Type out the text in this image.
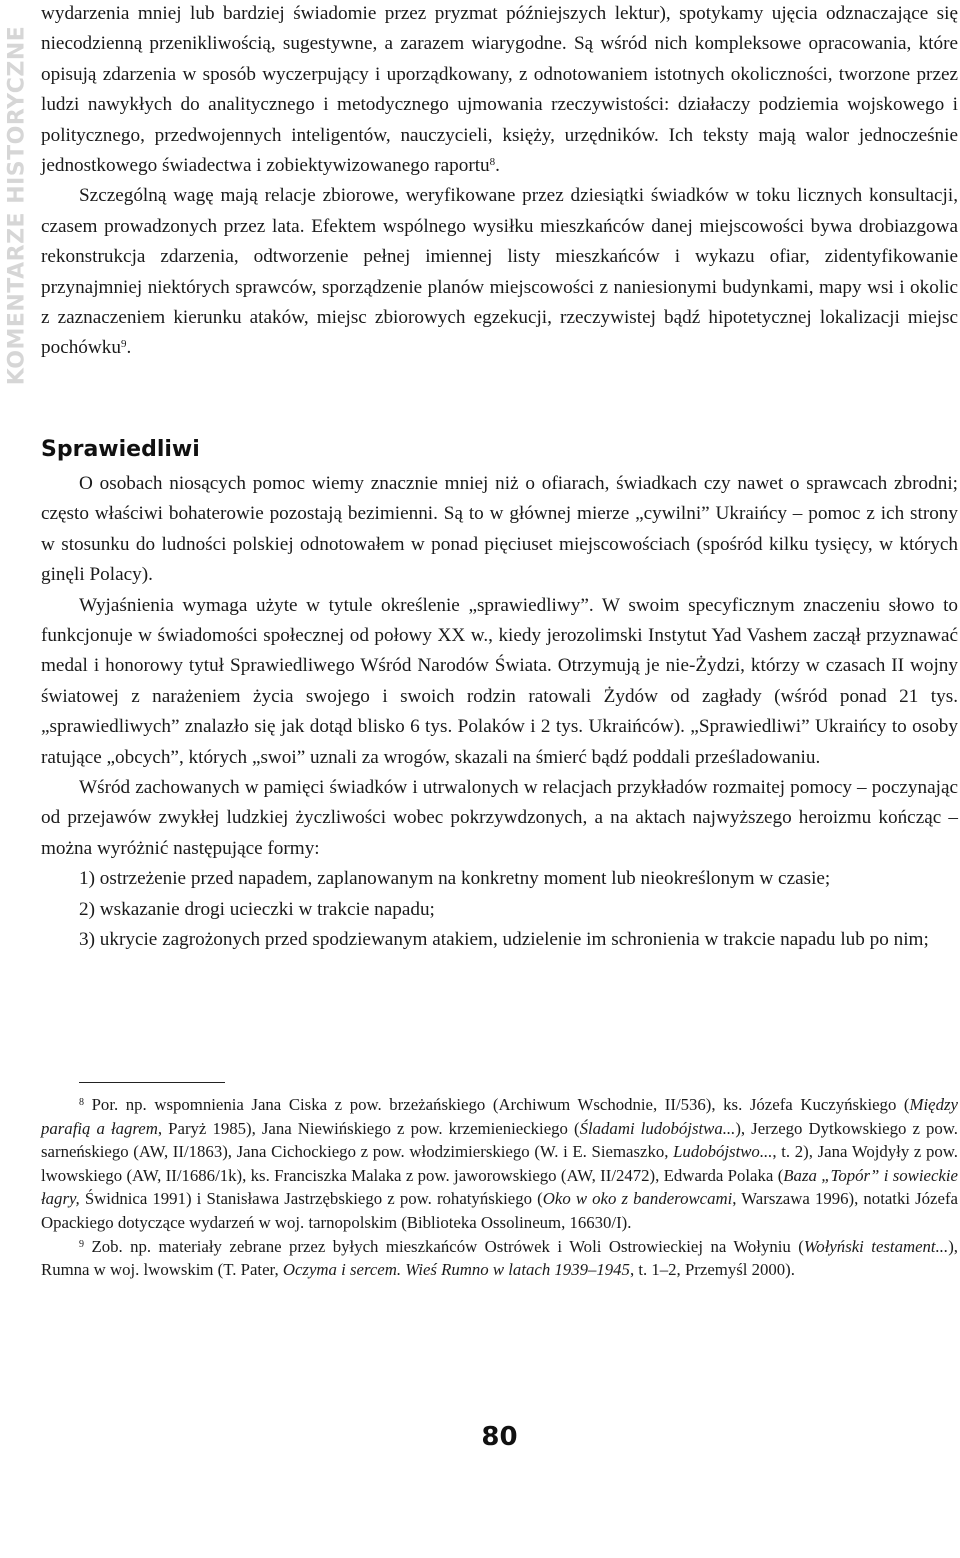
KOMENTARZE HISTORYCZNE

wydarzenia mniej lub bardziej świadomie przez pryzmat późniejszych lektur), spotykamy ujęcia odznaczające się niecodzienną przenikliwością, sugestywne, a zarazem wiarygodne. Są wśród nich kompleksowe opracowania, które opisują zdarzenia w sposób wyczerpujący i uporządkowany, z odnotowaniem istotnych okoliczności, tworzone przez ludzi nawykłych do analitycznego i metodycznego ujmowania rzeczywistości: działaczy podziemia wojskowego i politycznego, przedwojennych inteligentów, nauczycieli, księży, urzędników. Ich teksty mają walor jednocześnie jednostkowego świadectwa i zobiektywizowanego raportu$^8$.

Szczególną wagę mają relacje zbiorowe, weryfikowane przez dziesiątki świadków w toku licznych konsultacji, czasem prowadzonych przez lata. Efektem wspólnego wysiłku mieszkańców danej miejscowości bywa drobiazgowa rekonstrukcja zdarzenia, odtworzenie pełnej imiennej listy mieszkańców i wykazu ofiar, zidentyfikowanie przynajmniej niektórych sprawców, sporządzenie planów miejscowości z naniesionymi budynkami, mapy wsi i okolic z zaznaczeniem kierunku ataków, miejsc zbiorowych egzekucji, rzeczywistej bądź hipotetycznej lokalizacji miejsc pochówku$^9$.

Sprawiedliwi

O osobach niosących pomoc wiemy znacznie mniej niż o ofiarach, świadkach czy nawet o sprawcach zbrodni; często właściwi bohaterowie pozostają bezimienni. Są to w głównej mierze „cywilni” Ukraińcy – pomoc z ich strony w stosunku do ludności polskiej odnotowałem w ponad pięciuset miejscowościach (spośród kilku tysięcy, w których ginęli Polacy).

Wyjaśnienia wymaga użyte w tytule określenie „sprawiedliwy”. W swoim specyficznym znaczeniu słowo to funkcjonuje w świadomości społecznej od połowy XX w., kiedy jerozolimski Instytut Yad Vashem zaczął przyznawać medal i honorowy tytuł Sprawiedliwego Wśród Narodów Świata. Otrzymują je nie-Żydzi, którzy w czasach II wojny światowej z narażeniem życia swojego i swoich rodzin ratowali Żydów od zagłady (wśród ponad 21 tys. „sprawiedliwych” znalazło się jak dotąd blisko 6 tys. Polaków i 2 tys. Ukraińców). „Sprawiedliwi” Ukraińcy to osoby ratujące „obcych”, których „swoi” uznali za wrogów, skazali na śmierć bądź poddali prześladowaniu.

Wśród zachowanych w pamięci świadków i utrwalonych w relacjach przykładów rozmaitej pomocy – poczynając od przejawów zwykłej ludzkiej życzliwości wobec pokrzywdzonych, a na aktach najwyższego heroizmu kończąc – można wyróżnić następujące formy:

1) ostrzeżenie przed napadem, zaplanowanym na konkretny moment lub nieokreślonym w czasie;

2) wskazanie drogi ucieczki w trakcie napadu;

3) ukrycie zagrożonych przed spodziewanym atakiem, udzielenie im schronienia w trakcie napadu lub po nim;

$^8$ Por. np. wspomnienia Jana Ciska z pow. brzeżańskiego (Archiwum Wschodnie, II/536), ks. Józefa Kuczyńskiego (Między parafią a łagrem, Paryż 1985), Jana Niewińskiego z pow. krzemienieckiego (Śladami ludobójstwa...), Jerzego Dytkowskiego z pow. sarneńskiego (AW, II/1863), Jana Cichockiego z pow. włodzimierskiego (W. i E. Siemaszko, Ludobójstwo..., t. 2), Jana Wojdyły z pow. lwowskiego (AW, II/1686/1k), ks. Franciszka Malaka z pow. jaworowskiego (AW, II/2472), Edwarda Polaka (Baza „Topór” i sowieckie łagry, Świdnica 1991) i Stanisława Jastrzębskiego z pow. rohatyńskiego (Oko w oko z banderowcami, Warszawa 1996), notatki Józefa Opackiego dotyczące wydarzeń w woj. tarnopolskim (Biblioteka Ossolineum, 16630/I).

$^9$ Zob. np. materiały zebrane przez byłych mieszkańców Ostrówek i Woli Ostrowieckiej na Wołyniu (Wołyński testament...), Rumna w woj. lwowskim (T. Pater, Oczyma i sercem. Wieś Rumno w latach 1939–1945, t. 1–2, Przemyśl 2000).

80
